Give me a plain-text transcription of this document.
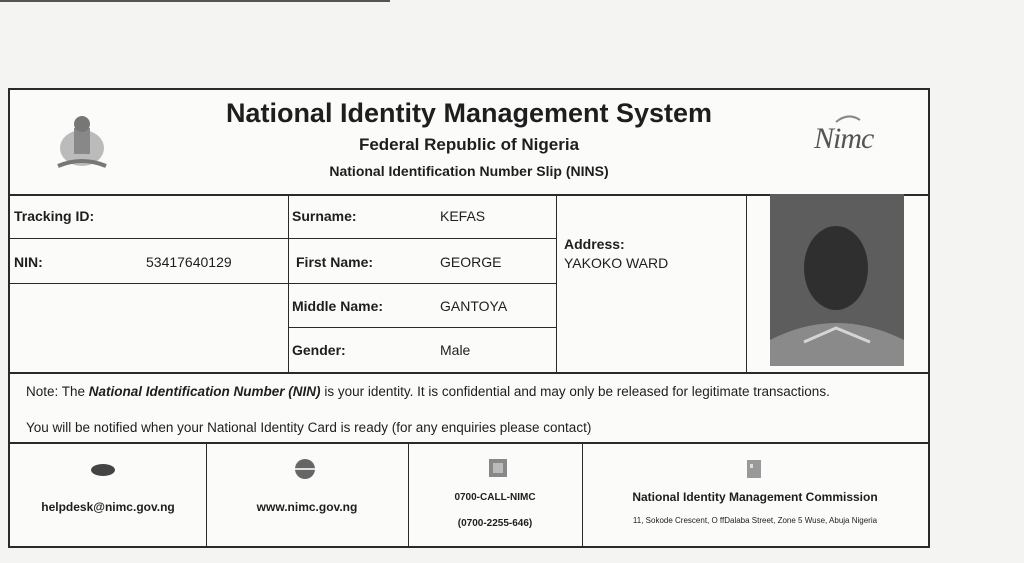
National Identity Management System
Federal Republic of Nigeria
National Identification Number Slip (NINS)
Nimc
Tracking ID:
NIN:	53417640129
Surname:	KEFAS
First Name:	GEORGE
Middle Name:	GANTOYA
Gender:	Male
Address:
YAKOKO WARD
Note: The National Identification Number (NIN) is your identity. It is confidential and may only be released for legitimate transactions.
You will be notified when your National Identity Card is ready (for any enquiries please contact)
helpdesk@nimc.gov.ng	www.nimc.gov.ng
0700-CALL-NIMC
(0700-2255-646)
National Identity Management Commission
11, Sokode Crescent, O ffDalaba Street, Zone 5 Wuse, Abuja Nigeria
